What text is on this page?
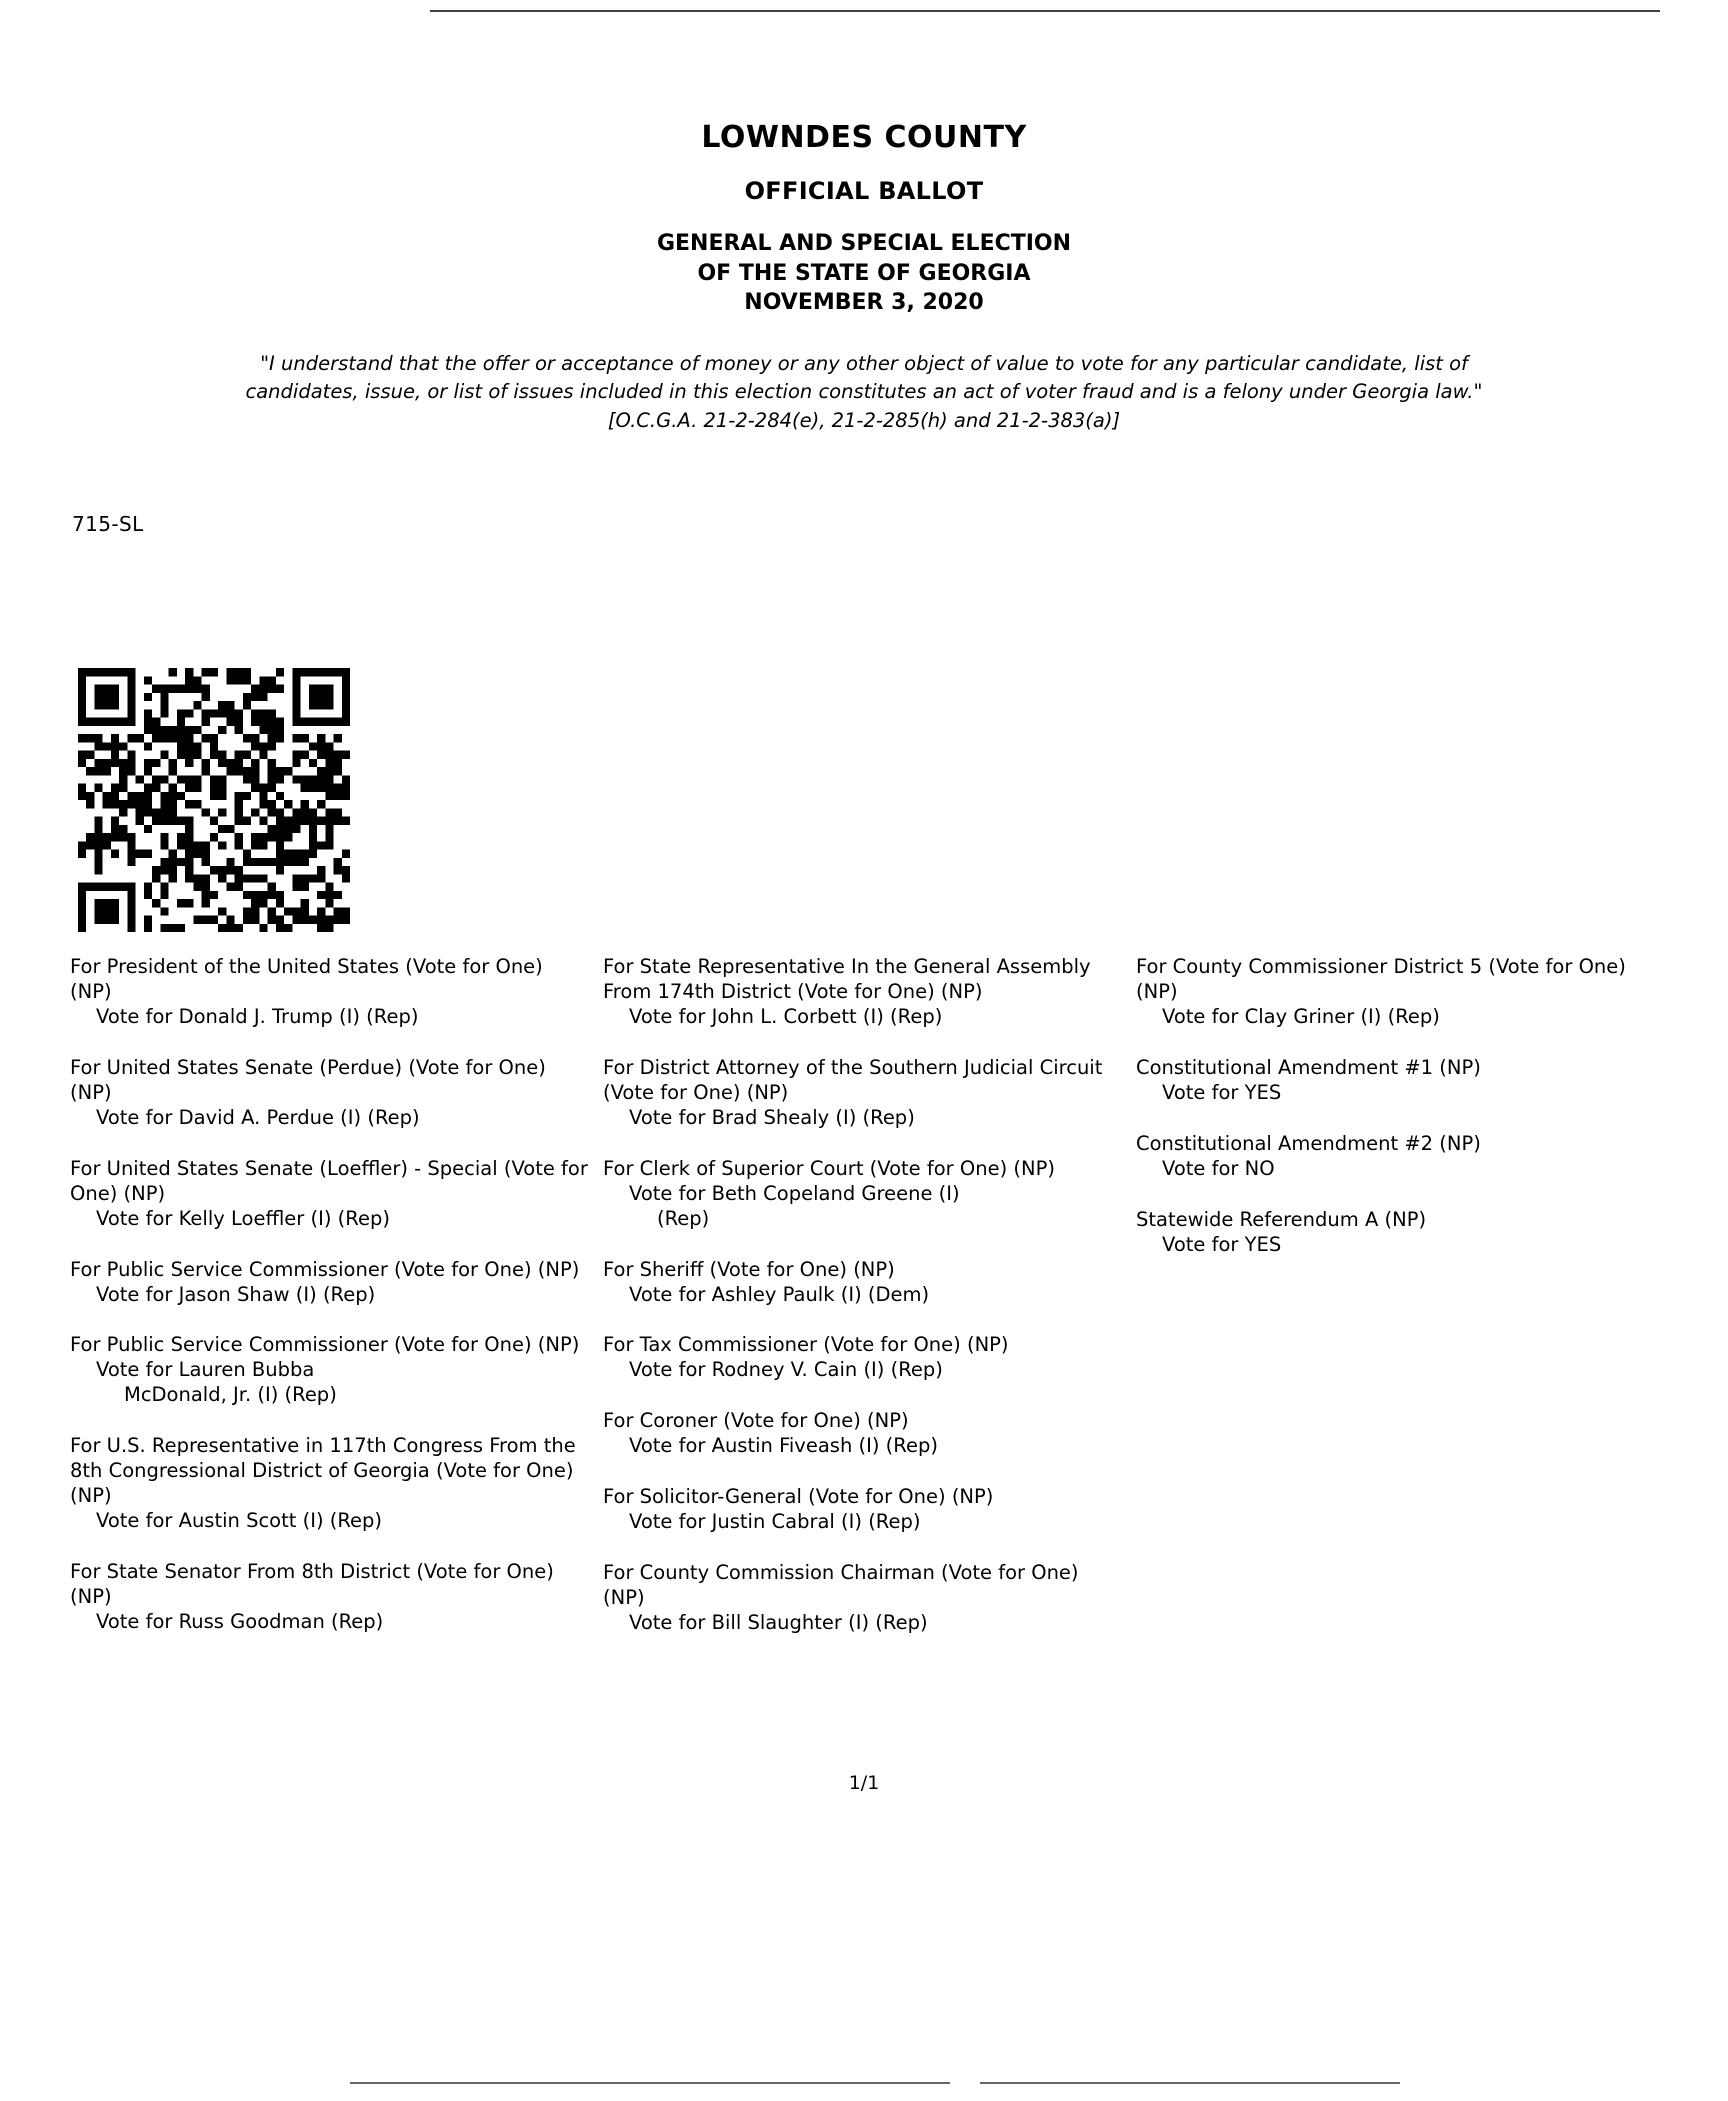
LOWNDES COUNTY
OFFICIAL BALLOT
GENERAL AND SPECIAL ELECTION
OF THE STATE OF GEORGIA
NOVEMBER 3, 2020
"I understand that the offer or acceptance of money or any other object of value to vote for any particular candidate, list of candidates, issue, or list of issues included in this election constitutes an act of voter fraud and is a felony under Georgia law." [O.C.G.A. 21-2-284(e), 21-2-285(h) and 21-2-383(a)]
715-SL

For President of the United States (Vote for One) (NP)

Vote for Donald J. Trump (I) (Rep)

For United States Senate (Perdue) (Vote for One) (NP)

Vote for David A. Perdue (I) (Rep)

For United States Senate (Loeffler) - Special (Vote for One) (NP)

Vote for Kelly Loeffler (I) (Rep)

For Public Service Commissioner (Vote for One) (NP)

Vote for Jason Shaw (I) (Rep)

For Public Service Commissioner (Vote for One) (NP)

Vote for Lauren Bubba
McDonald, Jr. (I) (Rep)

For U.S. Representative in 117th Congress From the 8th Congressional District of Georgia (Vote for One) (NP)

Vote for Austin Scott (I) (Rep)

For State Senator From 8th District (Vote for One) (NP)

Vote for Russ Goodman (Rep)

For State Representative In the General Assembly From 174th District (Vote for One) (NP)

Vote for John L. Corbett (I) (Rep)

For District Attorney of the Southern Judicial Circuit (Vote for One) (NP)

Vote for Brad Shealy (I) (Rep)

For Clerk of Superior Court (Vote for One) (NP)

Vote for Beth Copeland Greene (I)
(Rep)

For Sheriff (Vote for One) (NP)

Vote for Ashley Paulk (I) (Dem)

For Tax Commissioner (Vote for One) (NP)

Vote for Rodney V. Cain (I) (Rep)

For Coroner (Vote for One) (NP)

Vote for Austin Fiveash (I) (Rep)

For Solicitor-General (Vote for One) (NP)

Vote for Justin Cabral (I) (Rep)

For County Commission Chairman (Vote for One) (NP)

Vote for Bill Slaughter (I) (Rep)

For County Commissioner District 5 (Vote for One) (NP)

Vote for Clay Griner (I) (Rep)

Constitutional Amendment #1 (NP)

Vote for YES

Constitutional Amendment #2 (NP)

Vote for NO

Statewide Referendum A (NP)

Vote for YES

1/1
